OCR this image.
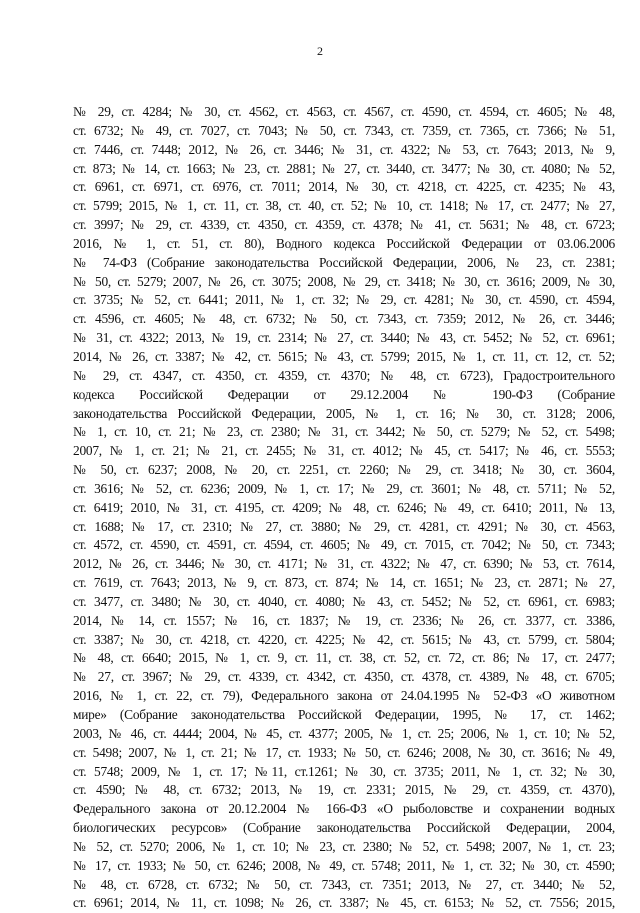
2
№ 29, ст. 4284; № 30, ст. 4562, ст. 4563, ст. 4567, ст. 4590, ст. 4594, ст. 4605; № 48,
ст. 6732; № 49, ст. 7027, ст. 7043; № 50, ст. 7343, ст. 7359, ст. 7365, ст. 7366; № 51,
ст. 7446, ст. 7448; 2012, № 26, ст. 3446; № 31, ст. 4322; № 53, ст. 7643; 2013, № 9,
ст. 873; № 14, ст. 1663; № 23, ст. 2881; № 27, ст. 3440, ст. 3477; № 30, ст. 4080; № 52,
ст. 6961, ст. 6971, ст. 6976, ст. 7011; 2014, № 30, ст. 4218, ст. 4225, ст. 4235; № 43,
ст. 5799; 2015, № 1, ст. 11, ст. 38, ст. 40, ст. 52; № 10, ст. 1418; № 17, ст. 2477; № 27,
ст. 3997; № 29, ст. 4339, ст. 4350, ст. 4359, ст. 4378; № 41, ст. 5631; № 48, ст. 6723;
2016, № 1, ст. 51, ст. 80), Водного кодекса Российской Федерации от 03.06.2006
№ 74-ФЗ (Собрание законодательства Российской Федерации, 2006, № 23, ст. 2381;
№ 50, ст. 5279; 2007, № 26, ст. 3075; 2008, № 29, ст. 3418; № 30, ст. 3616; 2009, № 30,
ст. 3735; № 52, ст. 6441; 2011, № 1, ст. 32; № 29, ст. 4281; № 30, ст. 4590, ст. 4594,
ст. 4596, ст. 4605; № 48, ст. 6732; № 50, ст. 7343, ст. 7359; 2012, № 26, ст. 3446;
№ 31, ст. 4322; 2013, № 19, ст. 2314; № 27, ст. 3440; № 43, ст. 5452; № 52, ст. 6961;
2014, № 26, ст. 3387; № 42, ст. 5615; № 43, ст. 5799; 2015, № 1, ст. 11, ст. 12, ст. 52;
№ 29, ст. 4347, ст. 4350, ст. 4359, ст. 4370; № 48, ст. 6723), Градостроительного
кодекса Российской Федерации от 29.12.2004 № 190-ФЗ (Собрание
законодательства Российской Федерации, 2005, № 1, ст. 16; № 30, ст. 3128; 2006,
№ 1, ст. 10, ст. 21; № 23, ст. 2380; № 31, ст. 3442; № 50, ст. 5279; № 52, ст. 5498;
2007, № 1, ст. 21; № 21, ст. 2455; № 31, ст. 4012; № 45, ст. 5417; № 46, ст. 5553;
№ 50, ст. 6237; 2008, № 20, ст. 2251, ст. 2260; № 29, ст. 3418; № 30, ст. 3604,
ст. 3616; № 52, ст. 6236; 2009, № 1, ст. 17; № 29, ст. 3601; № 48, ст. 5711; № 52,
ст. 6419; 2010, № 31, ст. 4195, ст. 4209; № 48, ст. 6246; № 49, ст. 6410; 2011, № 13,
ст. 1688; № 17, ст. 2310; № 27, ст. 3880; № 29, ст. 4281, ст. 4291; № 30, ст. 4563,
ст. 4572, ст. 4590, ст. 4591, ст. 4594, ст. 4605; № 49, ст. 7015, ст. 7042; № 50, ст. 7343;
2012, № 26, ст. 3446; № 30, ст. 4171; № 31, ст. 4322; № 47, ст. 6390; № 53, ст. 7614,
ст. 7619, ст. 7643; 2013, № 9, ст. 873, ст. 874; № 14, ст. 1651; № 23, ст. 2871; № 27,
ст. 3477, ст. 3480; № 30, ст. 4040, ст. 4080; № 43, ст. 5452; № 52, ст. 6961, ст. 6983;
2014, № 14, ст. 1557; № 16, ст. 1837; № 19, ст. 2336; № 26, ст. 3377, ст. 3386,
ст. 3387; № 30, ст. 4218, ст. 4220, ст. 4225; № 42, ст. 5615; № 43, ст. 5799, ст. 5804;
№ 48, ст. 6640; 2015, № 1, ст. 9, ст. 11, ст. 38, ст. 52, ст. 72, ст. 86; № 17, ст. 2477;
№ 27, ст. 3967; № 29, ст. 4339, ст. 4342, ст. 4350, ст. 4378, ст. 4389, № 48, ст. 6705;
2016, № 1, ст. 22, ст. 79), Федерального закона от 24.04.1995 № 52-ФЗ «О животном
мире» (Собрание законодательства Российской Федерации, 1995, № 17, ст. 1462;
2003, № 46, ст. 4444; 2004, № 45, ст. 4377; 2005, № 1, ст. 25; 2006, № 1, ст. 10; № 52,
ст. 5498; 2007, № 1, ст. 21; № 17, ст. 1933; № 50, ст. 6246; 2008, № 30, ст. 3616; № 49,
ст. 5748; 2009, № 1, ст. 17; №11, ст.1261; № 30, ст. 3735; 2011, № 1, ст. 32; № 30,
ст. 4590; № 48, ст. 6732; 2013, № 19, ст. 2331; 2015, № 29, ст. 4359, ст. 4370),
Федерального закона от 20.12.2004 № 166-ФЗ «О рыболовстве и сохранении водных
биологических ресурсов» (Собрание законодательства Российской Федерации, 2004,
№ 52, ст. 5270; 2006, № 1, ст. 10; № 23, ст. 2380; № 52, ст. 5498; 2007, № 1, ст. 23;
№ 17, ст. 1933; № 50, ст. 6246; 2008, № 49, ст. 5748; 2011, № 1, ст. 32; № 30, ст. 4590;
№ 48, ст. 6728, ст. 6732; № 50, ст. 7343, ст. 7351; 2013, № 27, ст. 3440; № 52,
ст. 6961; 2014, № 11, ст. 1098; № 26, ст. 3387; № 45, ст. 6153; № 52, ст. 7556; 2015,
